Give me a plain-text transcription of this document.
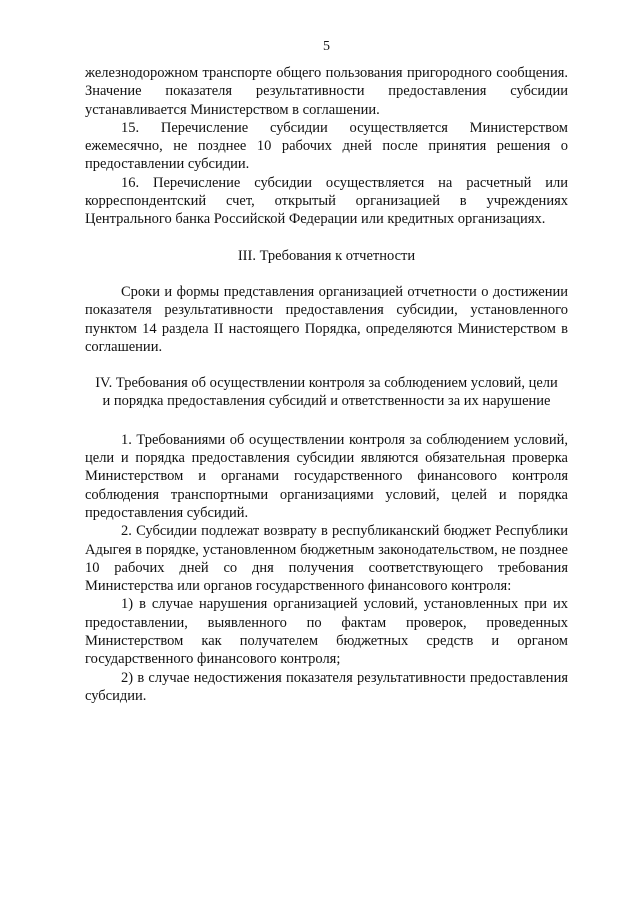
5

железнодорожном транспорте общего пользования пригородного сообщения. Значение показателя результативности предоставления субсидии устанавливается Министерством в соглашении.

15. Перечисление субсидии осуществляется Министерством ежемесячно, не позднее 10 рабочих дней после принятия решения о предоставлении субсидии.

16. Перечисление субсидии осуществляется на расчетный или корреспондентский счет, открытый организацией в учреждениях Центрального банка Российской Федерации или кредитных организациях.

III. Требования к отчетности

Сроки и формы представления организацией отчетности о достижении показателя результативности предоставления субсидии, установленного пунктом 14 раздела II настоящего Порядка, определяются Министерством в соглашении.

IV. Требования об осуществлении контроля за соблюдением условий, цели
и порядка предоставления субсидий и ответственности за их нарушение

1. Требованиями об осуществлении контроля за соблюдением условий, цели и порядка предоставления субсидии являются обязательная проверка Министерством и органами государственного финансового контроля соблюдения транспортными организациями условий, целей и порядка предоставления субсидий.

2. Субсидии подлежат возврату в республиканский бюджет Республики Адыгея в порядке, установленном бюджетным законодательством, не позднее 10 рабочих дней со дня получения соответствующего требования Министерства или органов государственного финансового контроля:

1) в случае нарушения организацией условий, установленных при их предоставлении, выявленного по фактам проверок, проведенных Министерством как получателем бюджетных средств и органом государственного финансового контроля;

2) в случае недостижения показателя результативности предоставления субсидии.
